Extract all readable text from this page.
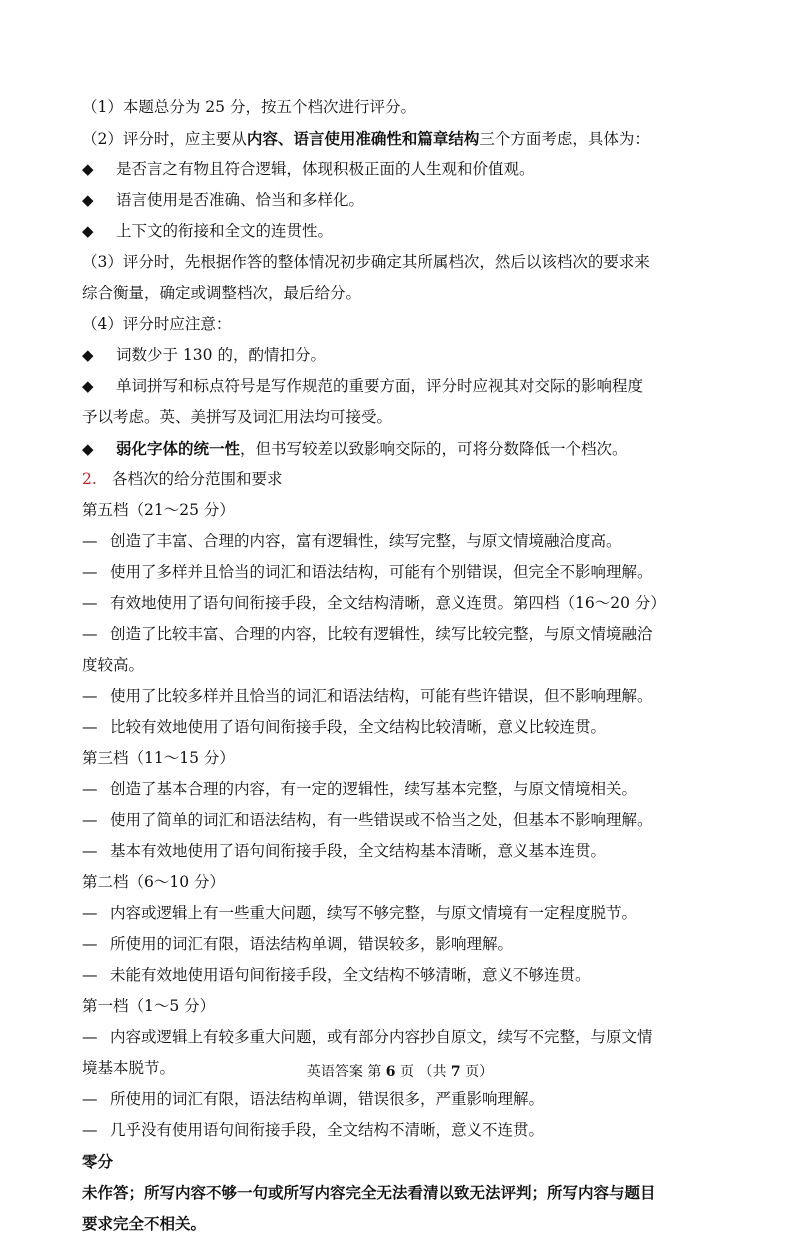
（1）本题总分为 25 分，按五个档次进行评分。
（2）评分时，应主要从内容、语言使用准确性和篇章结构三个方面考虑，具体为：
◆ 是否言之有物且符合逻辑，体现积极正面的人生观和价值观。
◆ 语言使用是否准确、恰当和多样化。
◆ 上下文的衔接和全文的连贯性。
（3）评分时，先根据作答的整体情况初步确定其所属档次，然后以该档次的要求来
综合衡量，确定或调整档次，最后给分。
（4）评分时应注意：
◆ 词数少于 130 的，酌情扣分。
◆ 单词拼写和标点符号是写作规范的重要方面，评分时应视其对交际的影响程度
予以考虑。英、美拼写及词汇用法均可接受。
◆ 弱化字体的统一性，但书写较差以致影响交际的，可将分数降低一个档次。
2. 各档次的给分范围和要求
第五档（21～25 分）
— 创造了丰富、合理的内容，富有逻辑性，续写完整，与原文情境融洽度高。
— 使用了多样并且恰当的词汇和语法结构，可能有个别错误，但完全不影响理解。
— 有效地使用了语句间衔接手段，全文结构清晰，意义连贯。第四档（16～20 分）
— 创造了比较丰富、合理的内容，比较有逻辑性，续写比较完整，与原文情境融洽
度较高。
— 使用了比较多样并且恰当的词汇和语法结构，可能有些许错误，但不影响理解。
— 比较有效地使用了语句间衔接手段，全文结构比较清晰，意义比较连贯。
第三档（11～15 分）
— 创造了基本合理的内容，有一定的逻辑性，续写基本完整，与原文情境相关。
— 使用了简单的词汇和语法结构，有一些错误或不恰当之处，但基本不影响理解。
— 基本有效地使用了语句间衔接手段，全文结构基本清晰，意义基本连贯。
第二档（6～10 分）
— 内容或逻辑上有一些重大问题，续写不够完整，与原文情境有一定程度脱节。
— 所使用的词汇有限，语法结构单调，错误较多，影响理解。
— 未能有效地使用语句间衔接手段，全文结构不够清晰，意义不够连贯。
第一档（1～5 分）
— 内容或逻辑上有较多重大问题，或有部分内容抄自原文，续写不完整，与原文情
境基本脱节。
— 所使用的词汇有限，语法结构单调，错误很多，严重影响理解。
— 几乎没有使用语句间衔接手段，全文结构不清晰，意义不连贯。
零分
未作答；所写内容不够一句或所写内容完全无法看清以致无法评判；所写内容与题目
要求完全不相关。
英语答案 第 6 页 （共 7 页）
